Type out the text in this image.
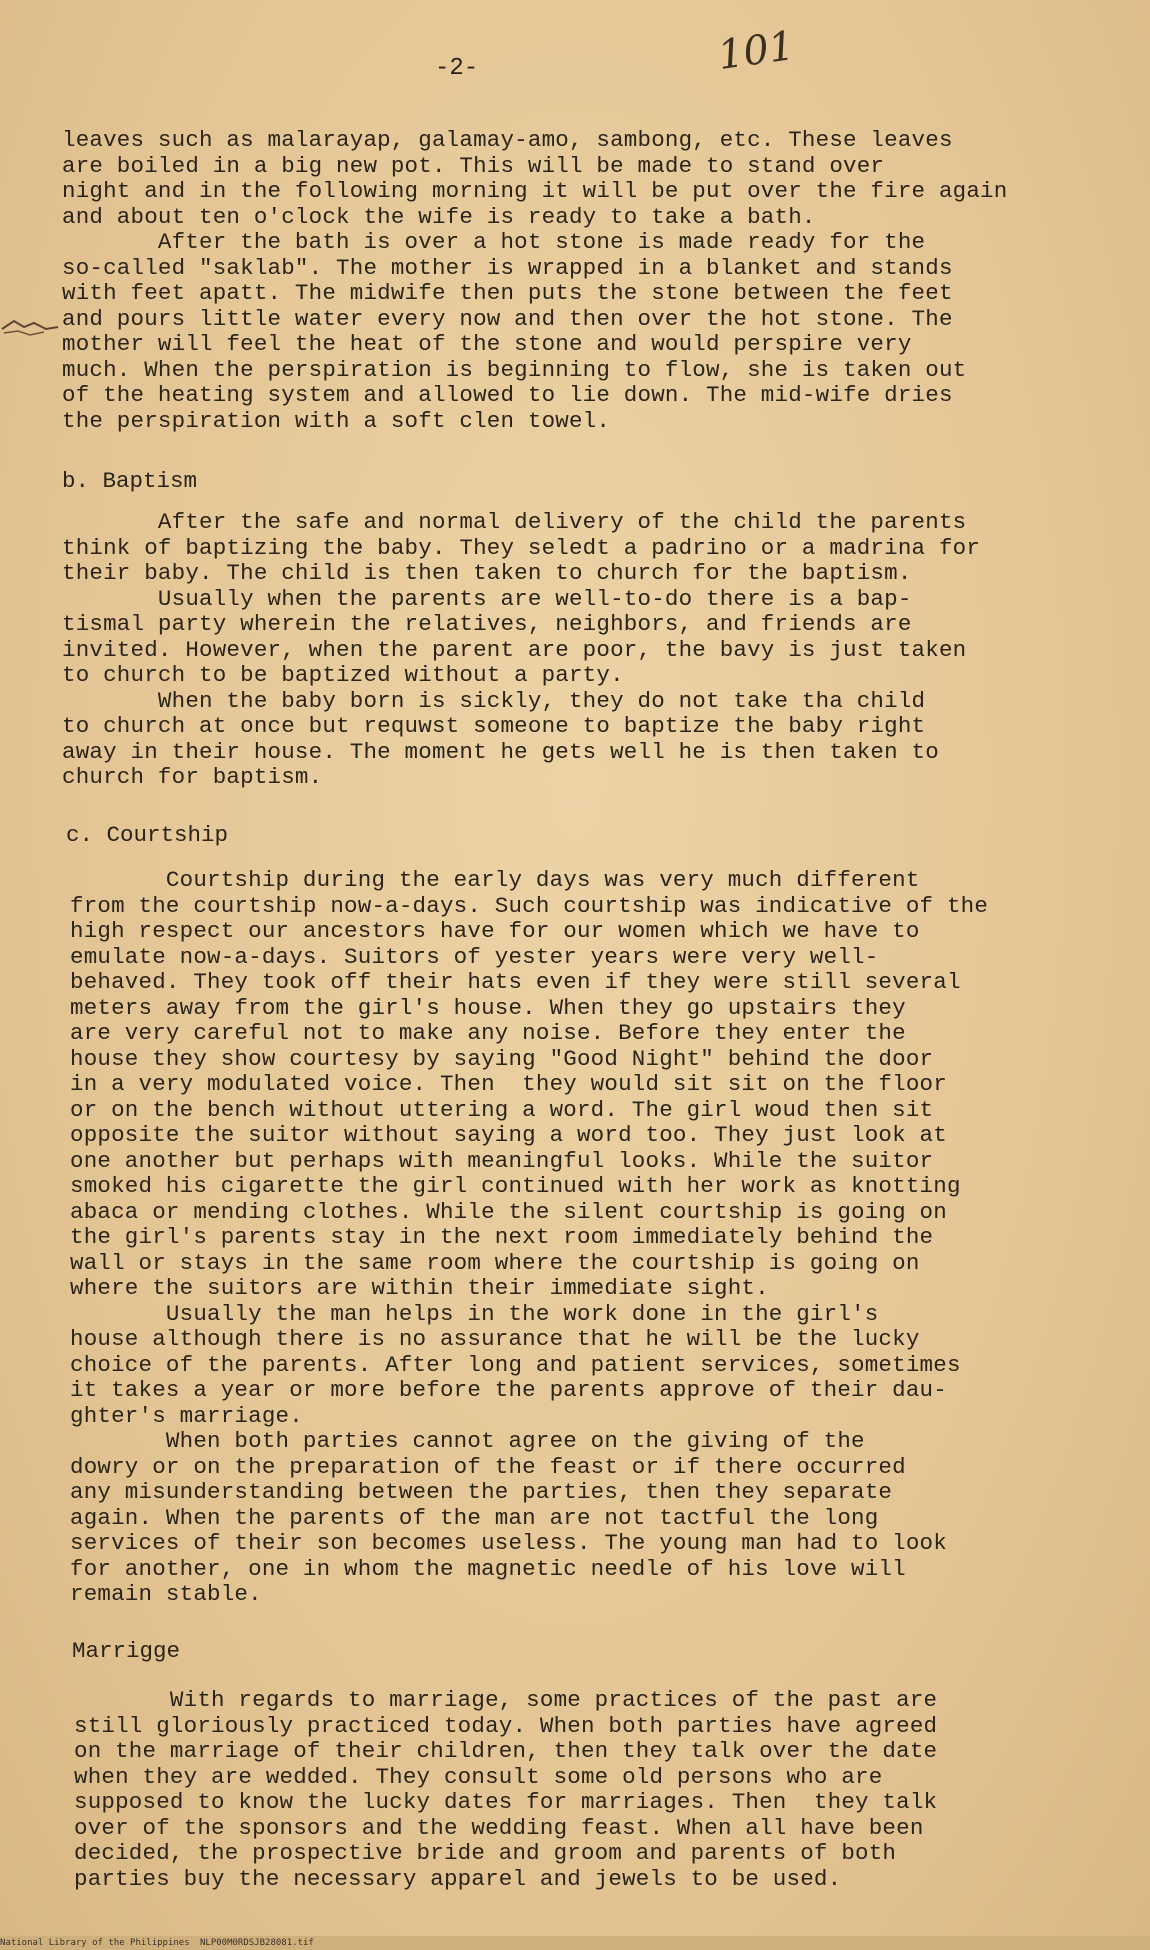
-2-	101
leaves such as malarayap, galamay-amo, sambong, etc. These leaves
are boiled in a big new pot. This will be made to stand over
night and in the following morning it will be put over the fire again
and about ten o'clock the wife is ready to take a bath.
After the bath is over a hot stone is made ready for the
so-called "saklab". The mother is wrapped in a blanket and stands
with feet apatt. The midwife then puts the stone between the feet
and pours little water every now and then over the hot stone. The
mother will feel the heat of the stone and would perspire very
much. When the perspiration is beginning to flow, she is taken out
of the heating system and allowed to lie down. The mid-wife dries
the perspiration with a soft clen towel.
b. Baptism
After the safe and normal delivery of the child the parents
think of baptizing the baby. They seledt a padrino or a madrina for
their baby. The child is then taken to church for the baptism.
Usually when the parents are well-to-do there is a bap-
tismal party wherein the relatives, neighbors, and friends are
invited. However, when the parent are poor, the bavy is just taken
to church to be baptized without a party.
When the baby born is sickly, they do not take tha child
to church at once but requwst someone to baptize the baby right
away in their house. The moment he gets well he is then taken to
church for baptism.
c. Courtship
Courtship during the early days was very much different
from the courtship now-a-days. Such courtship was indicative of the
high respect our ancestors have for our women which we have to
emulate now-a-days. Suitors of yester years were very well-
behaved. They took off their hats even if they were still several
meters away from the girl's house. When they go upstairs they
are very careful not to make any noise. Before they enter the
house they show courtesy by saying "Good Night" behind the door
in a very modulated voice. Then  they would sit sit on the floor
or on the bench without uttering a word. The girl woud then sit
opposite the suitor without saying a word too. They just look at
one another but perhaps with meaningful looks. While the suitor
smoked his cigarette the girl continued with her work as knotting
abaca or mending clothes. While the silent courtship is going on
the girl's parents stay in the next room immediately behind the
wall or stays in the same room where the courtship is going on
where the suitors are within their immediate sight.
Usually the man helps in the work done in the girl's
house although there is no assurance that he will be the lucky
choice of the parents. After long and patient services, sometimes
it takes a year or more before the parents approve of their dau-
ghter's marriage.
When both parties cannot agree on the giving of the
dowry or on the preparation of the feast or if there occurred
any misunderstanding between the parties, then they separate
again. When the parents of the man are not tactful the long
services of their son becomes useless. The young man had to look
for another, one in whom the magnetic needle of his love will
remain stable.
Marrigge
With regards to marriage, some practices of the past are
still gloriously practiced today. When both parties have agreed
on the marriage of their children, then they talk over the date
when they are wedded. They consult some old persons who are
supposed to know the lucky dates for marriages. Then  they talk
over of the sponsors and the wedding feast. When all have been
decided, the prospective bride and groom and parents of both
parties buy the necessary apparel and jewels to be used.
National Library of the Philippines NLP00M0RDSJB28081.tif
